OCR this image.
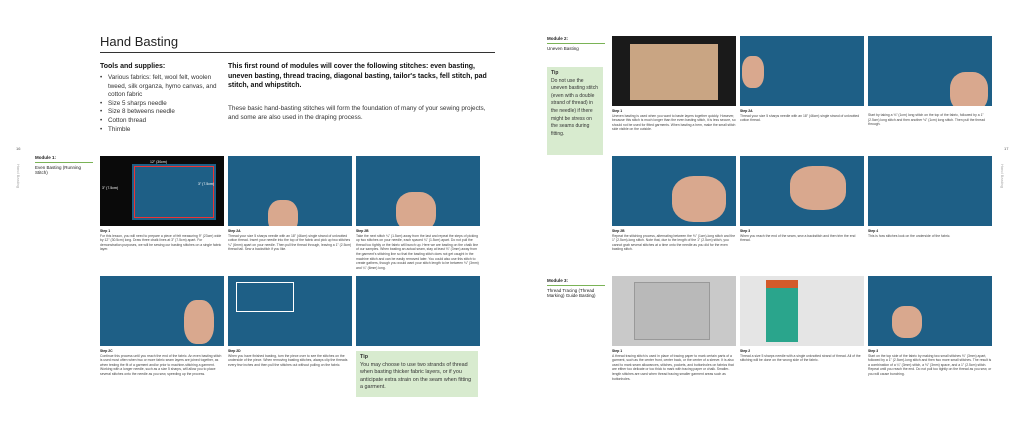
Hand Basting
Tools and supplies:
• Various fabrics: felt, wool felt, woolen tweed, silk organza, hymo canvas, and cotton fabric
• Size 5 sharps needle
• Size 8 betweens needle
• Cotton thread
• Thimble
This first round of modules will cover the following stitches: even basting, uneven basting, thread tracing, diagonal basting, tailor's tacks, fell stitch, pad stitch, and whipstitch.
These basic hand-basting stitches will form the foundation of many of your sewing projects, and some are also used in the draping process.
16
Hand Basting
Module 1:
Even Basting (Running Stitch)
12" (30cm)
3" (7.5cm)
3" (7.5cm)
Step 1
For this lesson, you will need to prepare a piece of felt measuring 9" (23cm) wide by 12" (30.5cm) long. Draw three chalk lines at 3" (7.5cm) apart. For demonstration purposes, we will be sewing our basting stitches on a single fabric layer.
Step 2A
Thread your size 5 sharps needle with an 18" (46cm) single strand of unknotted cotton thread. Insert your needle into the top of the fabric and pick up two stitches ¼" (6mm) apart on your needle. Then pull the thread through, leaving a 1" (2.5cm) thread tail. Sew a backstitch if you like.
Step 2B
Take the next stitch ¼" (1.5cm) away from the last and repeat the steps of picking up two stitches on your needle, each spaced ¼" (1.5cm) apart. Do not pull the thread too tightly or the fabric will bunch up. Here we are basting on the chalk line of our samples. When basting an actual seam, stay at least ⅛" (3mm) away from the garment's stitching line so that the basting stitch does not get caught in the machine stitch and can be easily removed later. You could also use this stitch to create gathers, though you would want your stitch length to be between ⅛" (3mm) and ¼" (6mm) long.
Step 2C
Continue this process until you reach the end of the fabric. An even basting stitch is used most often when two or more fabric seam layers are joined together, as when testing the fit of a garment and/or prior to machine-stitching a garment. Working with a longer needle, such as a size 5 sharps, will allow you to place several stitches onto the needle as you sew, speeding up the process.
Step 2D
When you have finished basting, turn the piece over to see the stitches on the underside of the piece. When removing basting stitches, always clip the threads every few inches and then pull the stitches out without pulling on the fabric.
Tip
You may choose to use two strands of thread when basting thicker fabric layers, or if you anticipate extra strain on the seam when fitting a garment.
17
Hand Basting
Module 2:
Uneven Basting
Tip
Do not use the uneven basting stitch (even with a double strand of thread) in the needle) if there might be stress on the seams during fitting.
Step 1
Uneven basting is used when you want to baste layers together quickly. However, because this stitch is much longer than the even basting stitch, it is less secure, so should not be used for fitted garments. When basting a hem, make the small stitch side visible on the outside.
Step 2A
Thread your size 5 sharps needle with an 18" (46cm) single strand of unknotted cotton thread.
Start by taking a ⅛" (1cm) long stitch on the top of the fabric, followed by a 1" (2.5cm) long stitch and then another ⅛" (1cm) long stitch. Then pull the thread through.
Step 2B
Repeat the stitching process, alternating between the ⅜" (1cm)-long stitch and the 1" (2.5cm)-long stitch. Note that, due to the length of the 1" (2.5cm) stitch, you cannot grab several stitches at a time onto the needle as you did for the even basting stitch.
Step 3
When you reach the end of the seam, sew a backstitch and then trim the end thread.
Step 4
This is how stitches look on the underside of the fabric.
Module 3:
Thread Tracing (Thread Marking) Guide Basting)
Step 1
A thread tracing stitch is used in place of tracing paper to mark certain parts of a garment, such as the center front, center back, or the center of a sleeve. It is also used to mark seam allowances, stitches, pockets, and buttonholes on fabrics that are either too delicate or too thick to mark with tracing paper or chalk. Smaller-length stitches are used when thread tracing smaller garment areas such as buttonholes.
Step 2
Thread a size 5 sharps needle with a single unknotted strand of thread. All of the stitching will be done on the wrong side of the fabric.
Step 3
Start on the top side of the fabric by making two small stitches ⅛" (3mm) apart, followed by a 1" (2.5cm)-long stitch and then two more small stitches. The result is a combination of a ¼" (3mm) stitch, a ⅛" (3mm) space, and a 1" (2.5cm) stitch. Repeat until you reach the end. Do not pull too tightly on the thread as you sew, or you will cause bunching.
